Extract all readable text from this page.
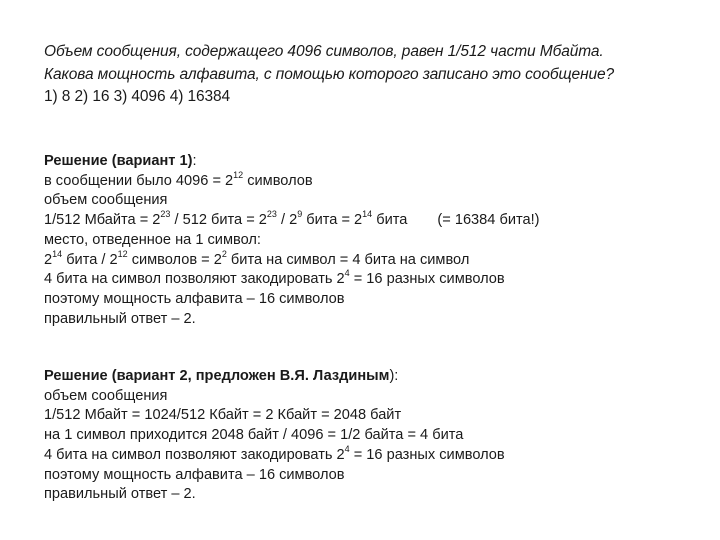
Объем сообщения, содержащего 4096 символов, равен 1/512 части Мбайта.
Какова мощность алфавита, с помощью которого записано это сообщение?
1) 8 2) 16 3) 4096 4) 16384
Решение (вариант 1):
в сообщении было $4096 = 2^{12}$ символов
объем сообщения
1/512 Мбайта = $2^{23} / 512$ бита = $2^{23} / 2^9$ бита = $2^{14}$ бита (= 16384 бита!)
место, отведенное на 1 символ:
$2^{14}$ бита / $2^{12}$ символов = $2^2$ бита на символ = 4 бита на символ
4 бита на символ позволяют закодировать $2^4 = 16$ разных символов
поэтому мощность алфавита – 16 символов
правильный ответ – 2.
Решение (вариант 2, предложен В.Я. Лаздиным):
объем сообщения
1/512 Мбайт = 1024/512 Кбайт = 2 Кбайт = 2048 байт
на 1 символ приходится 2048 байт / 4096 = 1/2 байта = 4 бита
4 бита на символ позволяют закодировать $2^4 = 16$ разных символов
поэтому мощность алфавита – 16 символов
правильный ответ – 2.
